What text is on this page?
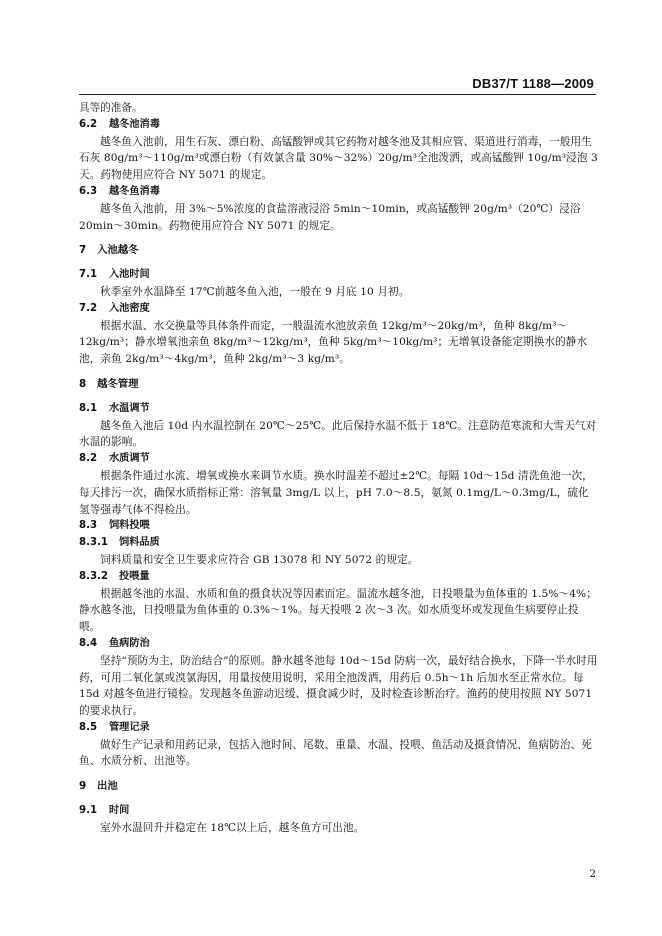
DB37/T 1188—2009
具等的准备。
6.2 越冬池消毒
越冬鱼入池前，用生石灰、漂白粉、高锰酸钾或其它药物对越冬池及其相应管、渠道进行消毒，一般用生石灰 80g/m³～110g/m³或漂白粉（有效氯含量 30%～32%）20g/m³全池泼洒，或高锰酸钾 10g/m³浸泡 3 天。药物使用应符合 NY 5071 的规定。
6.3 越冬鱼消毒
越冬鱼入池前，用 3%～5%浓度的食盐溶液浸浴 5min～10min，或高锰酸钾 20g/m³（20℃）浸浴 20min～30min。药物使用应符合 NY 5071 的规定。
7 入池越冬
7.1 入池时间
秋季室外水温降至 17℃前越冬鱼入池，一般在 9 月底 10 月初。
7.2 入池密度
根据水温、水交换量等具体条件而定，一般温流水池放亲鱼 12kg/m³～20kg/m³，鱼种 8kg/m³～12kg/m³；静水增氧池亲鱼 8kg/m³～12kg/m³，鱼种 5kg/m³～10kg/m³；无增氧设备能定期换水的静水池，亲鱼 2kg/m³～4kg/m³，鱼种 2kg/m³～3 kg/m³。
8 越冬管理
8.1 水温调节
越冬鱼入池后 10d 内水温控制在 20℃～25℃。此后保持水温不低于 18℃。注意防范寒流和大雪天气对水温的影响。
8.2 水质调节
根据条件通过水流、增氧或换水来调节水质。换水时温差不超过±2℃。每隔 10d～15d 清洗鱼池一次，每天排污一次，确保水质指标正常：溶氧量 3mg/L 以上，pH 7.0～8.5，氨氮 0.1mg/L～0.3mg/L，硫化氢等强毒气体不得检出。
8.3 饲料投喂
8.3.1 饲料品质
饲料质量和安全卫生要求应符合 GB 13078 和 NY 5072 的规定。
8.3.2 投喂量
根据越冬池的水温、水质和鱼的摄食状况等因素而定。温流水越冬池，日投喂量为鱼体重的 1.5%～4%；静水越冬池，日投喂量为鱼体重的 0.3%～1%。每天投喂 2 次～3 次。如水质变坏或发现鱼生病要停止投喂。
8.4 鱼病防治
坚持“预防为主，防治结合”的原则。静水越冬池每 10d～15d 防病一次，最好结合换水，下降一半水时用药，可用二氧化氯或溴氯海因，用量按使用说明，采用全池泼洒，用药后 0.5h～1h 后加水至正常水位。每 15d 对越冬鱼进行镜检。发现越冬鱼游动迟缓、摄食减少时，及时检查诊断治疗。渔药的使用按照 NY 5071 的要求执行。
8.5 管理记录
做好生产记录和用药记录，包括入池时间、尾数、重量、水温、投喂、鱼活动及摄食情况、鱼病防治、死鱼、水质分析、出池等。
9 出池
9.1 时间
室外水温回升并稳定在 18℃以上后，越冬鱼方可出池。
2
